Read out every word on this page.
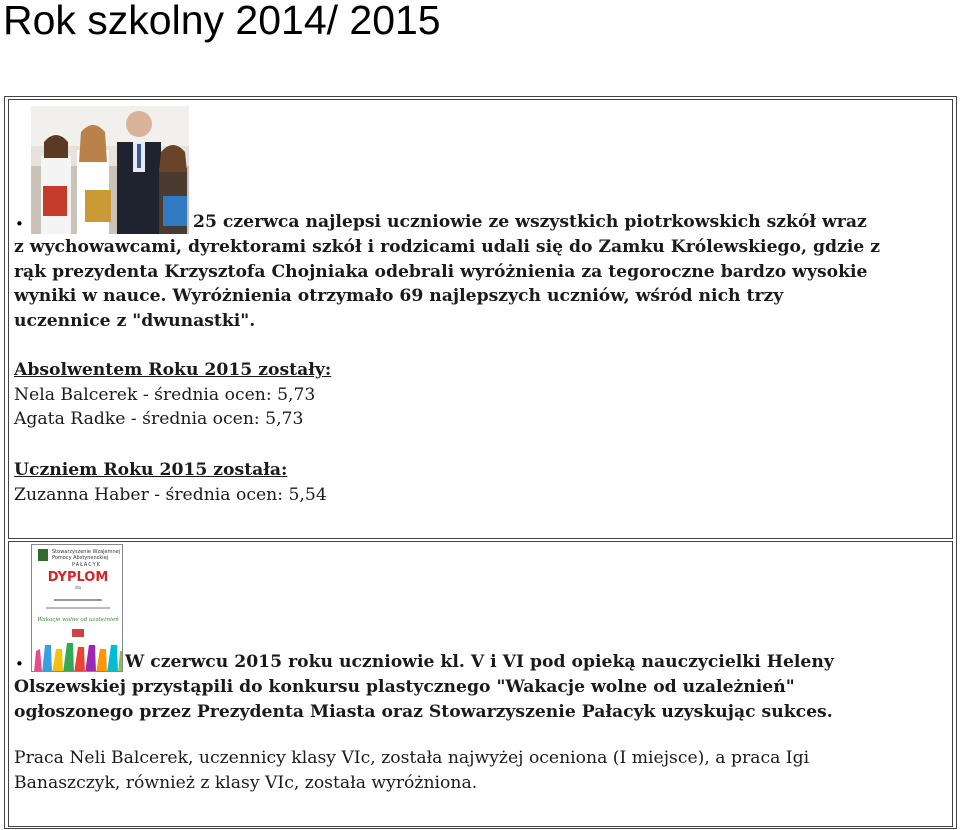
Rok szkolny 2014/ 2015
•	25 czerwca najlepsi uczniowie ze wszystkich piotrkowskich szkół wraz
z wychowawcami, dyrektorami szkół i rodzicami udali się do Zamku Królewskiego, gdzie z
rąk prezydenta Krzysztofa Chojniaka odebrali wyróżnienia za tegoroczne bardzo wysokie
wyniki w nauce. Wyróżnienia otrzymało 69 najlepszych uczniów, wśród nich trzy
uczennice z "dwunastki".
Absolwentem Roku 2015 zostały:
Nela Balcerek - średnia ocen: 5,73
Agata Radke - średnia ocen: 5,73
Uczniem Roku 2015 została:
Zuzanna Haber - średnia ocen: 5,54
Stowarzyszenie Wzajemnej
Pomocy Abstynenckiej
PAŁACYK
DYPLOM
dla
Wakacje wolne od uzależnień
•	W czerwcu 2015 roku uczniowie kl. V i VI pod opieką nauczycielki Heleny
Olszewskiej przystąpili do konkursu plastycznego "Wakacje wolne od uzależnień"
ogłoszonego przez Prezydenta Miasta oraz Stowarzyszenie Pałacyk uzyskując sukces.
Praca Neli Balcerek, uczennicy klasy VIc, została najwyżej oceniona (I miejsce), a praca Igi
Banaszczyk, również z klasy VIc, została wyróżniona.
